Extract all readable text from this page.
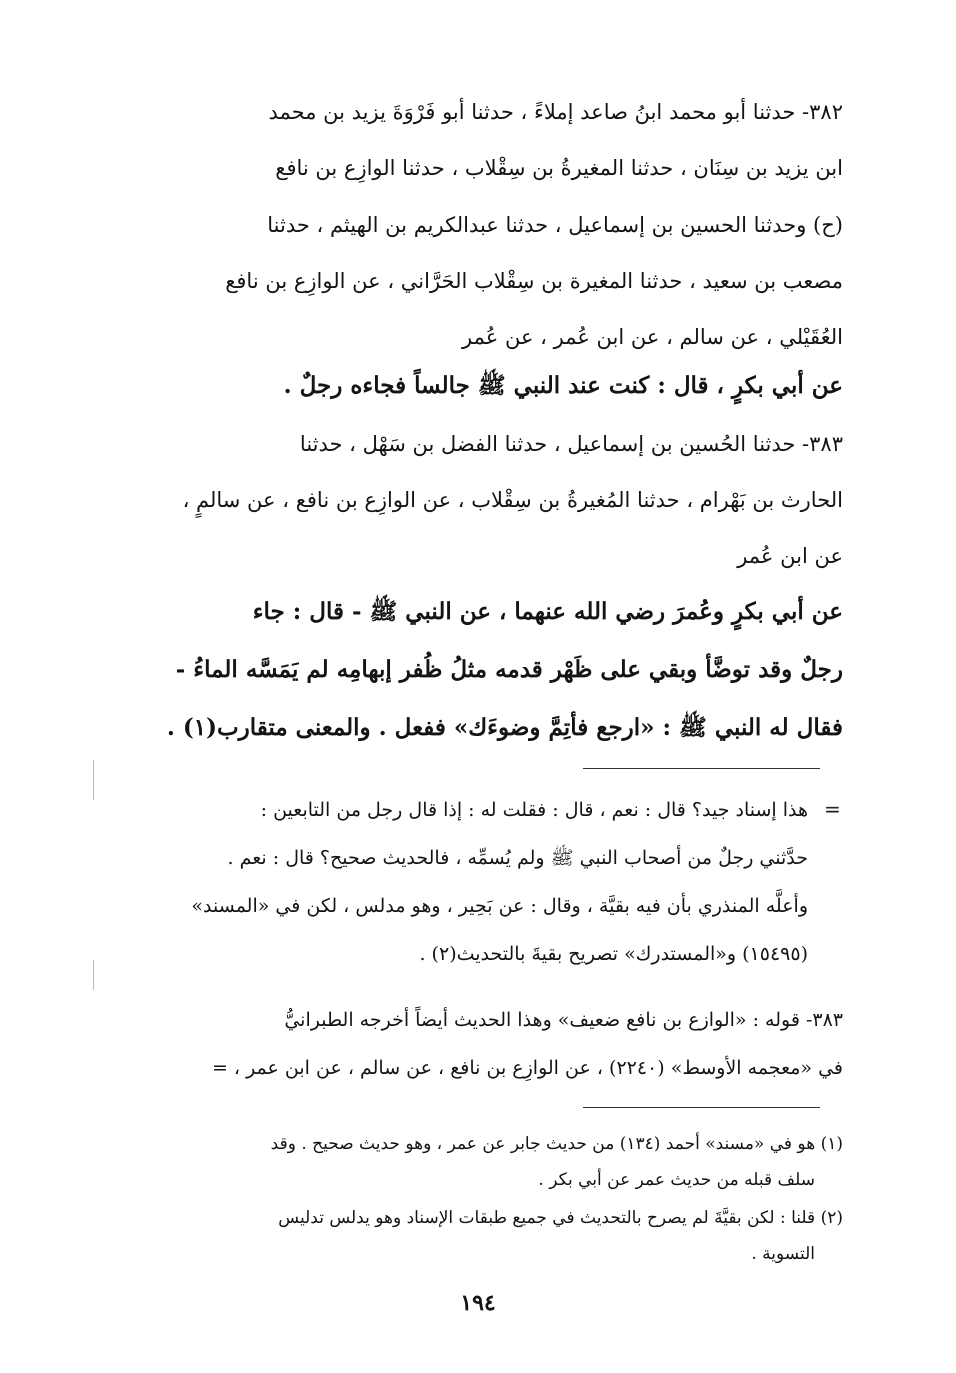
٣٨٢- حدثنا أبو محمد ابنُ صاعد إملاءً ، حدثنا أبو فَرْوَةَ يزيد بن محمد
ابن يزيد بن سِنَان ، حدثنا المغيرةُ بن سِقْلاب ، حدثنا الوازِع بن نافع
(ح) وحدثنا الحسين بن إسماعيل ، حدثنا عبدالكريم بن الهيثم ، حدثنا
مصعب بن سعيد ، حدثنا المغيرة بن سِقْلاب الحَرَّاني ، عن الوازِع بن نافع
العُقَيْلي ، عن سالم ، عن ابن عُمر ، عن عُمر
عن أبي بكرٍ ، قال : كنت عند النبي ﷺ جالساً فجاءه رجلٌ .
٣٨٣- حدثنا الحُسين بن إسماعيل ، حدثنا الفضل بن سَهْل ، حدثنا
الحارث بن بَهْرام ، حدثنا المُغيرةُ بن سِقْلاب ، عن الوازِع بن نافع ، عن سالمٍ ،
عن ابن عُمر
عن أبي بكرٍ وعُمرَ رضي الله عنهما ، عن النبي ﷺ - قال : جاء
رجلٌ وقد توضَّأ وبقي على ظَهْر قدمه مثلُ ظُفر إبهامِه لم يَمَسَّه الماءُ -
فقال له النبي ﷺ : «ارجع فأتِمَّ وضوءَك» ففعل . والمعنى متقارب(١) .
=
هذا إسناد جيد؟ قال : نعم ، قال : فقلت له : إذا قال رجل من التابعين :
حدَّثني رجلٌ من أصحاب النبي ﷺ ولم يُسمِّه ، فالحديث صحيح؟ قال : نعم .
وأعلَّه المنذري بأن فيه بقيَّة ، وقال : عن بَحِير ، وهو مدلس ، لكن في «المسند»
(١٥٤٩٥) و«المستدرك» تصريح بقيةَ بالتحديث(٢) .
٣٨٣- قوله : «الوازع بن نافع ضعيف» وهذا الحديث أيضاً أخرجه الطبرانيُّ
في «معجمه الأوسط» (٢٢٤٠) ، عن الوازِع بن نافع ، عن سالم ، عن ابن عمر ، =
(١) هو في «مسند» أحمد (١٣٤) من حديث جابر عن عمر ، وهو حديث صحيح . وقد
سلف قبله من حديث عمر عن أبي بكر .
(٢) قلنا : لكن بقيَّةَ لم يصرح بالتحديث في جميع طبقات الإسناد وهو يدلس تدليس
التسوية .
١٩٤
